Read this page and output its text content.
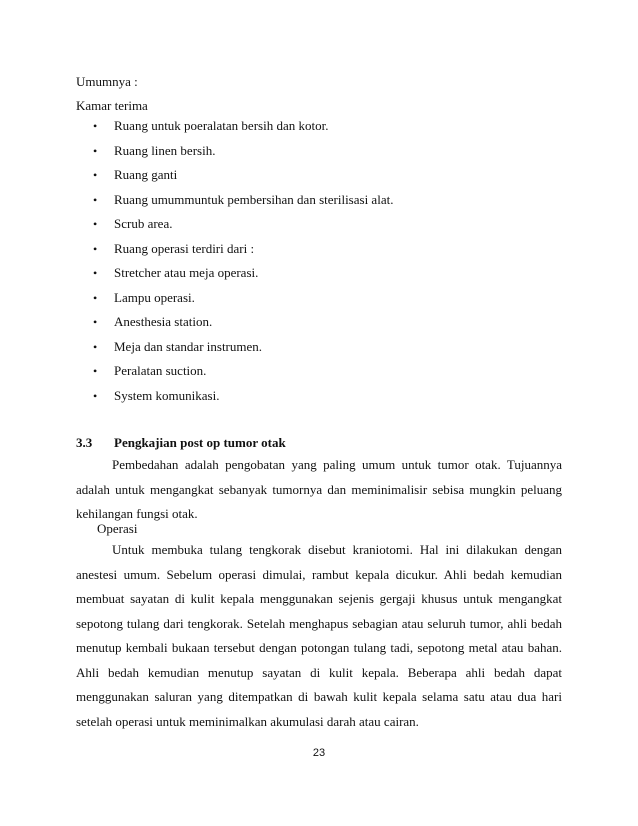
Umumnya :
Kamar terima
• Ruang untuk poeralatan bersih dan kotor.
• Ruang linen bersih.
• Ruang ganti
• Ruang umummuntuk pembersihan dan sterilisasi alat.
• Scrub area.
• Ruang operasi terdiri dari :
• Stretcher atau meja operasi.
• Lampu operasi.
• Anesthesia station.
• Meja dan standar instrumen.
• Peralatan suction.
• System komunikasi.
3.3 Pengkajian post op tumor otak

Pembedahan adalah pengobatan yang paling umum untuk tumor otak. Tujuannya adalah untuk mengangkat sebanyak tumornya dan meminimalisir sebisa mungkin peluang kehilangan fungsi otak.

Operasi

Untuk membuka tulang tengkorak disebut kraniotomi. Hal ini dilakukan dengan anestesi umum. Sebelum operasi dimulai, rambut kepala dicukur. Ahli bedah kemudian membuat sayatan di kulit kepala menggunakan sejenis gergaji khusus untuk mengangkat sepotong tulang dari tengkorak. Setelah menghapus sebagian atau seluruh tumor, ahli bedah menutup kembali bukaan tersebut dengan potongan tulang tadi, sepotong metal atau bahan. Ahli bedah kemudian menutup sayatan di kulit kepala. Beberapa ahli bedah dapat menggunakan saluran yang ditempatkan di bawah kulit kepala selama satu atau dua hari setelah operasi untuk meminimalkan akumulasi darah atau cairan.

23
